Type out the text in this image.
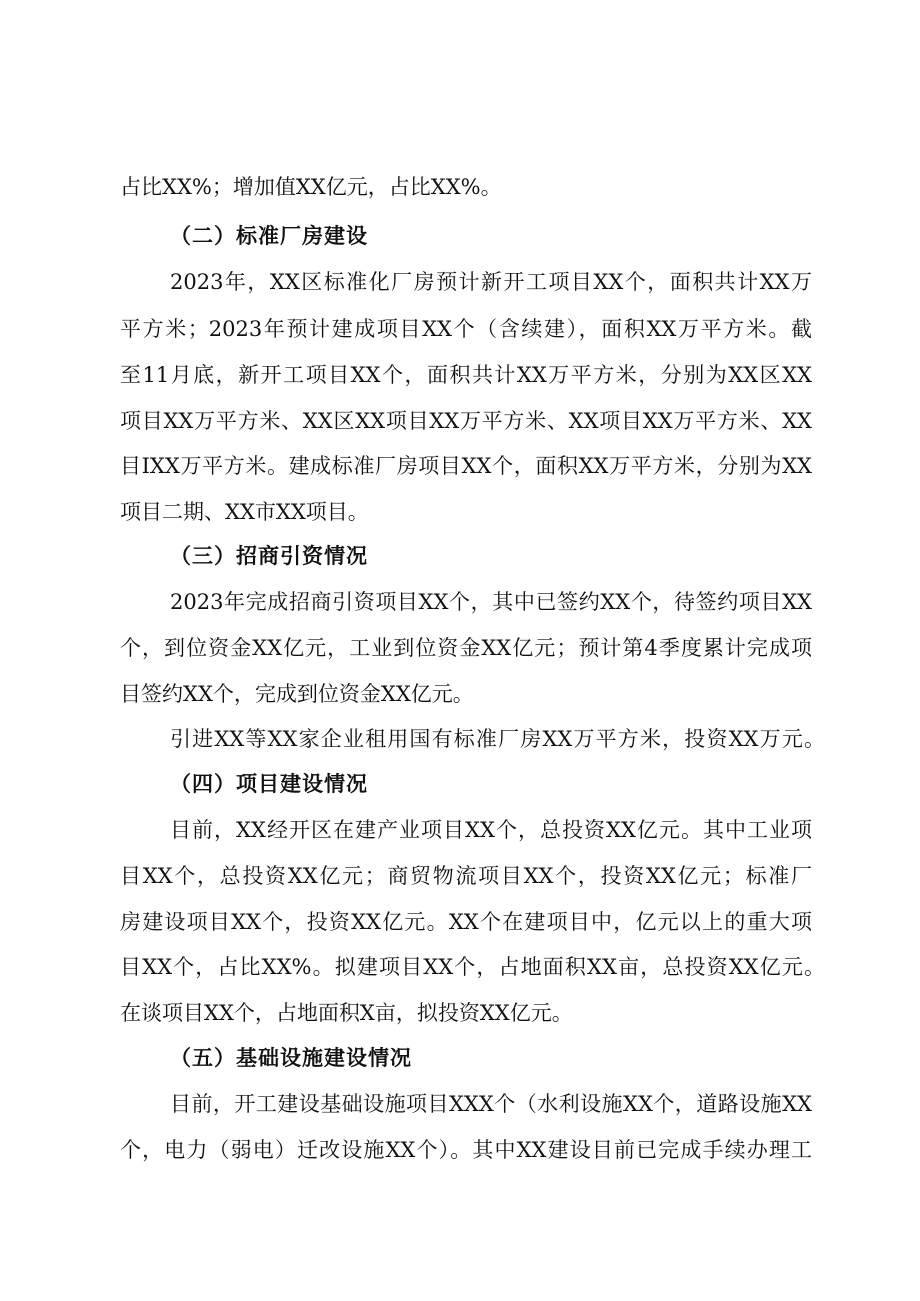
占比XX%；增加值XX亿元，占比XX%。
（二）标准厂房建设
2023年，XX区标准化厂房预计新开工项目XX个，面积共计XX万
平方米；2023年预计建成项目XX个（含续建），面积XX万平方米。截
至11月底，新开工项目XX个，面积共计XX万平方米，分别为XX区XX
项目XX万平方米、XX区XX项目XX万平方米、XX项目XX万平方米、XX
目IXX万平方米。建成标准厂房项目XX个，面积XX万平方米，分别为XX
项目二期、XX市XX项目。
（三）招商引资情况
2023年完成招商引资项目XX个，其中已签约XX个，待签约项目XX
个，到位资金XX亿元，工业到位资金XX亿元；预计第4季度累计完成项
目签约XX个，完成到位资金XX亿元。
引进XX等XX家企业租用国有标准厂房XX万平方米，投资XX万元。
（四）项目建设情况
目前，XX经开区在建产业项目XX个，总投资XX亿元。其中工业项
目XX个，总投资XX亿元；商贸物流项目XX个，投资XX亿元；标准厂
房建设项目XX个，投资XX亿元。XX个在建项目中，亿元以上的重大项
目XX个，占比XX%。拟建项目XX个，占地面积XX亩，总投资XX亿元。
在谈项目XX个，占地面积X亩，拟投资XX亿元。
（五）基础设施建设情况
目前，开工建设基础设施项目XXX个（水利设施XX个，道路设施XX
个，电力（弱电）迁改设施XX个）。其中XX建设目前已完成手续办理工
